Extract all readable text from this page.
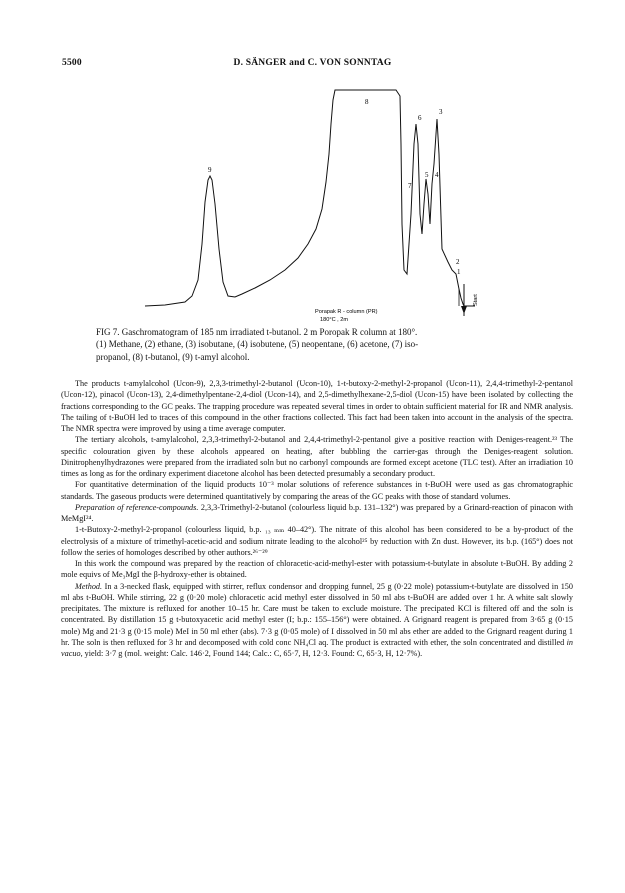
5500	D. SÄNGER and C. VON SONNTAG
9
8
6
3
7
5 4
2
1
Porapak R - column (PR)
180°C , 2m
Start

FIG 7. Gaschromatogram of 185 nm irradiated t-butanol. 2 m Poropak R column at 180°.

(1) Methane, (2) ethane, (3) isobutane, (4) isobutene, (5) neopentane, (6) acetone, (7) iso-

propanol, (8) t-butanol, (9) t-amyl alcohol.

The products t-amylalcohol (Ucon-9), 2,3,3-trimethyl-2-butanol (Ucon-10), 1-t-butoxy-2-methyl-2-propanol (Ucon-11), 2,4,4-trimethyl-2-pentanol (Ucon-12), pinacol (Ucon-13), 2,4-dimethylpentane-2,4-diol (Ucon-14), and 2,5-dimethylhexane-2,5-diol (Ucon-15) have been isolated by collecting the fractions corresponding to the GC peaks. The trapping procedure was repeated several times in order to obtain sufficient material for IR and NMR analysis. The tailing of t-BuOH led to traces of this compound in the other fractions collected. This fact had been taken into account in the analysis of the spectra. The NMR spectra were improved by using a time average computer.

The tertiary alcohols, t-amylalcohol, 2,3,3-trimethyl-2-butanol and 2,4,4-trimethyl-2-pentanol give a positive reaction with Deniges-reagent.²³ The specific colouration given by these alcohols appeared on heating, after bubbling the carrier-gas through the Deniges-reagent solution. Dinitrophenylhydrazones were prepared from the irradiated soln but no carbonyl compounds are formed except acetone (TLC test). After an irradiation 10 times as long as for the ordinary experiment diacetone alcohol has been detected presumably a secondary product.

For quantitative determination of the liquid products 10⁻³ molar solutions of reference substances in t-BuOH were used as gas chromatographic standards. The gaseous products were determined quantitatively by comparing the areas of the GC peaks with those of standard volumes.

Preparation of reference-compounds. 2,3,3-Trimethyl-2-butanol (colourless liquid b.p. 131–132°) was prepared by a Grinard-reaction of pinacon with MeMgI²⁴.

1-t-Butoxy-2-methyl-2-propanol (colourless liquid, b.p. ₁₃ ₘₘ 40–42°). The nitrate of this alcohol has been considered to be a by-product of the electrolysis of a mixture of trimethyl-acetic-acid and sodium nitrate leading to the alcohol²⁵ by reduction with Zn dust. However, its b.p. (165°) does not follow the series of homologes described by other authors.²⁶⁻²⁹

In this work the compound was prepared by the reaction of chloracetic-acid-methyl-ester with potassium-t-butylate in absolute t-BuOH. By adding 2 mole equivs of Me₃MgI the β-hydroxy-ether is obtained.

Method. In a 3-necked flask, equipped with stirrer, reflux condensor and dropping funnel, 25 g (0·22 mole) potassium-t-butylate are dissolved in 150 ml abs t-BuOH. While stirring, 22 g (0·20 mole) chloracetic acid methyl ester dissolved in 50 ml abs t-BuOH are added over 1 hr. A white salt slowly precipitates. The mixture is refluxed for another 10–15 hr. Care must be taken to exclude moisture. The precipated KCl is filtered off and the soln is concentrated. By distillation 15 g t-butoxyacetic acid methyl ester (I; b.p.: 155–156°) were obtained. A Grignard reagent is prepared from 3·65 g (0·15 mole) Mg and 21·3 g (0·15 mole) MeI in 50 ml ether (abs). 7·3 g (0·05 mole) of I dissolved in 50 ml abs ether are added to the Grignard reagent during 1 hr. The soln is then refluxed for 3 hr and decomposed with cold conc NH₄Cl aq. The product is extracted with ether, the soln concentrated and distilled in vacuo, yield: 3·7 g (mol. weight: Calc. 146·2, Found 144; Calc.: C, 65·7, H, 12·3. Found: C, 65·3, H, 12·7%).
